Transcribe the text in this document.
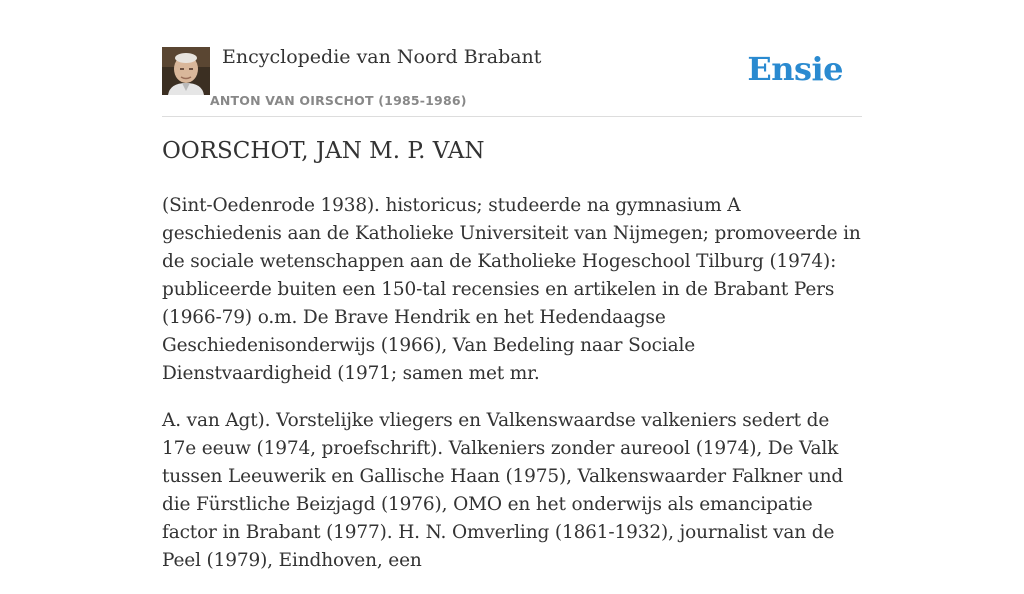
Encyclopedie van Noord Brabant
ANTON VAN OIRSCHOT (1985-1986)
Ensie
OORSCHOT, JAN M. P. VAN

(Sint-Oedenrode 1938). historicus; studeerde na gymnasium A geschiedenis aan de Katholieke Universiteit van Nijmegen; promoveerde in de sociale wetenschappen aan de Katholieke Hogeschool Tilburg (1974): publiceerde buiten een 150-tal recensies en artikelen in de Brabant Pers (1966-79) o.m. De Brave Hendrik en het Hedendaagse Geschiedenisonderwijs (1966), Van Bedeling naar Sociale Dienstvaardigheid (1971; samen met mr.

A. van Agt). Vorstelijke vliegers en Valkenswaardse valkeniers sedert de 17e eeuw (1974, proefschrift). Valkeniers zonder aureool (1974), De Valk tussen Leeuwerik en Gallische Haan (1975), Valkenswaarder Falkner und die Fürstliche Beizjagd (1976), OMO en het onderwijs als emancipatie factor in Brabant (1977). H. N. Omverling (1861-1932), journalist van de Peel (1979), Eindhoven, een
